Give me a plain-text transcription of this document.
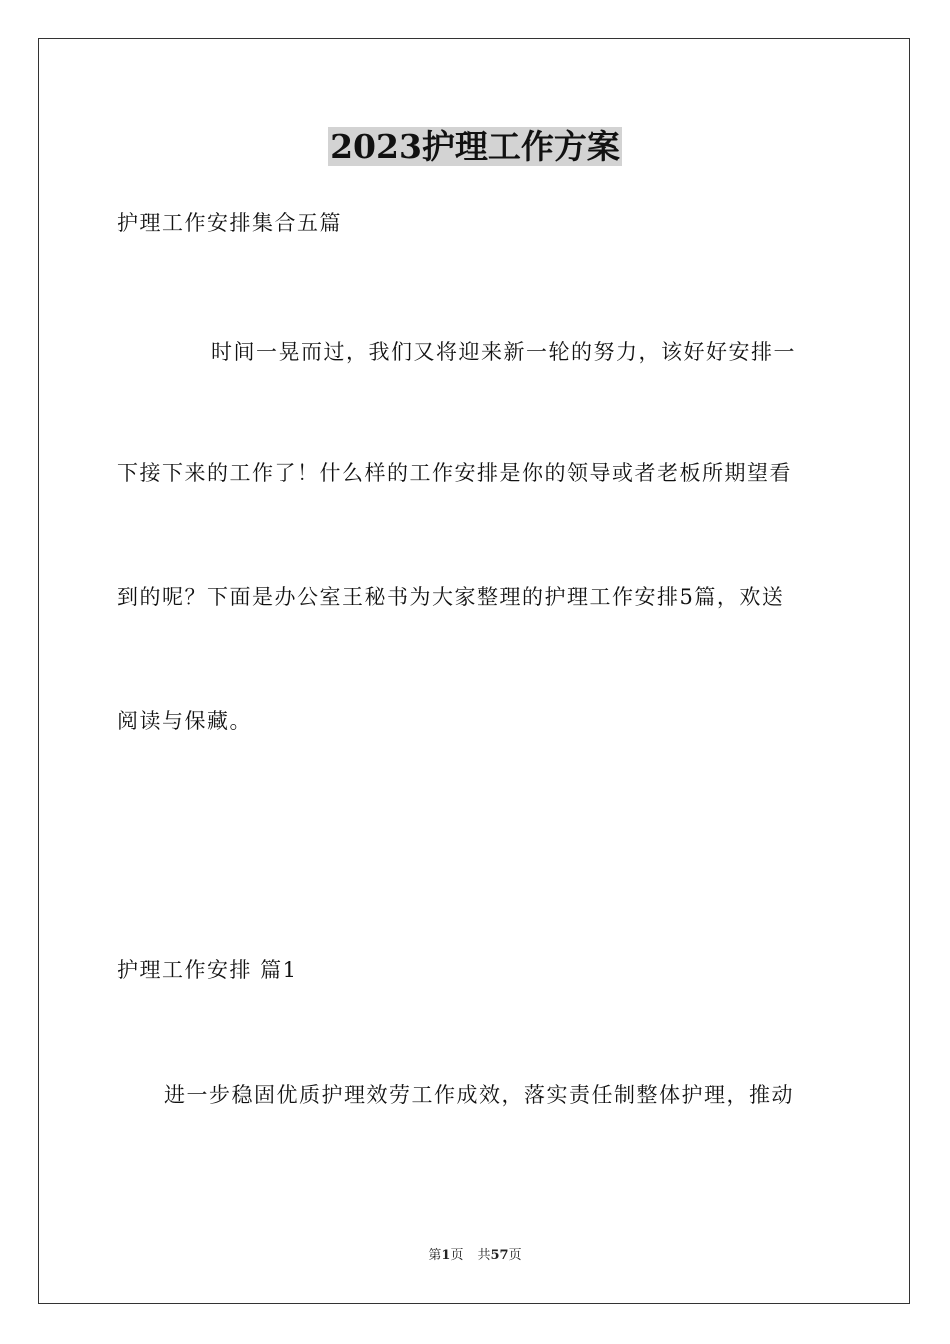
2023护理工作方案
护理工作安排集合五篇
时间一晃而过，我们又将迎来新一轮的努力，该好好安排一
下接下来的工作了！什么样的工作安排是你的领导或者老板所期望看
到的呢？下面是办公室王秘书为大家整理的护理工作安排5篇，欢送
阅读与保藏。
护理工作安排 篇1
进一步稳固优质护理效劳工作成效，落实责任制整体护理，推动
第1页 共57页
